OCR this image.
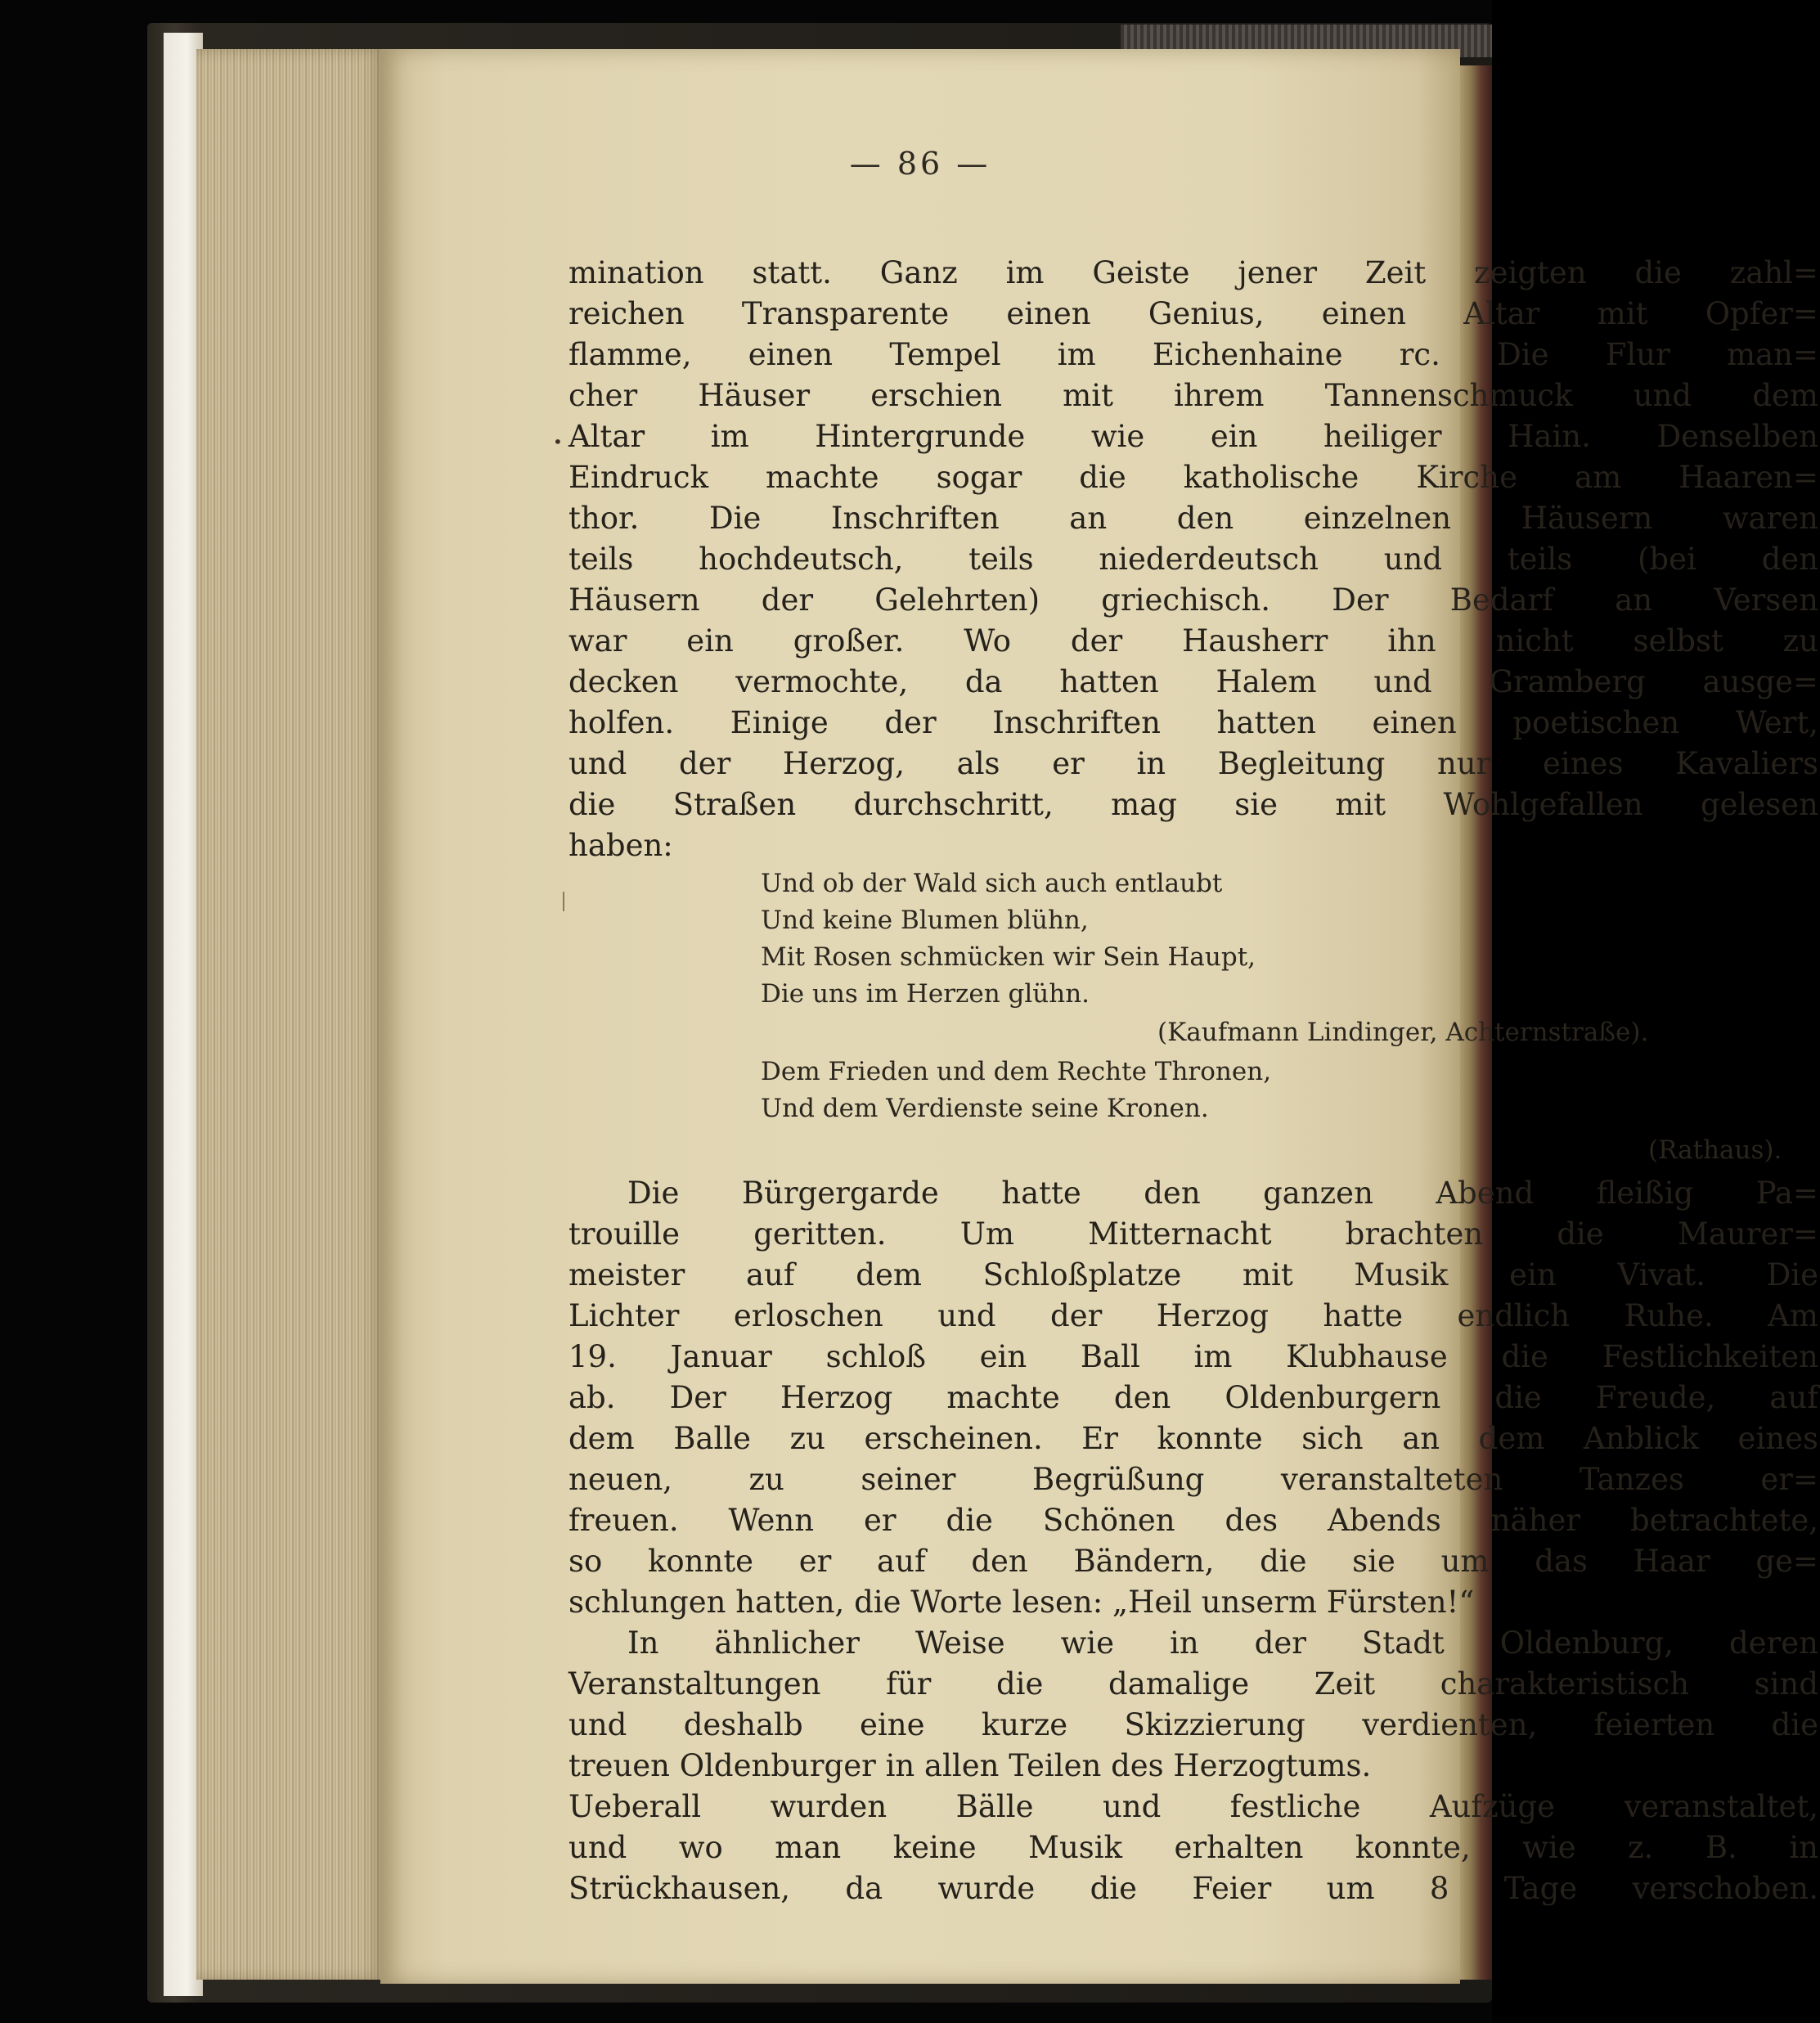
— 86 —
mination statt. Ganz im Geiste jener Zeit zeigten die zahl=
reichen Transparente einen Genius, einen Altar mit Opfer=
flamme, einen Tempel im Eichenhaine rc. Die Flur man=
cher Häuser erschien mit ihrem Tannenschmuck und dem
Altar im Hintergrunde wie ein heiliger Hain. Denselben
Eindruck machte sogar die katholische Kirche am Haaren=
thor. Die Inschriften an den einzelnen Häusern waren
teils hochdeutsch, teils niederdeutsch und teils (bei den
Häusern der Gelehrten) griechisch. Der Bedarf an Versen
war ein großer. Wo der Hausherr ihn nicht selbst zu
decken vermochte, da hatten Halem und Gramberg ausge=
holfen. Einige der Inschriften hatten einen poetischen Wert,
und der Herzog, als er in Begleitung nur eines Kavaliers
die Straßen durchschritt, mag sie mit Wohlgefallen gelesen
haben:
Und ob der Wald sich auch entlaubt
Und keine Blumen blühn,
Mit Rosen schmücken wir Sein Haupt,
Die uns im Herzen glühn.
(Kaufmann Lindinger, Achternstraße).
Dem Frieden und dem Rechte Thronen,
Und dem Verdienste seine Kronen.
(Rathaus).
Die Bürgergarde hatte den ganzen Abend fleißig Pa=
trouille geritten. Um Mitternacht brachten die Maurer=
meister auf dem Schloßplatze mit Musik ein Vivat. Die
Lichter erloschen und der Herzog hatte endlich Ruhe. Am
19. Januar schloß ein Ball im Klubhause die Festlichkeiten
ab. Der Herzog machte den Oldenburgern die Freude, auf
dem Balle zu erscheinen. Er konnte sich an dem Anblick eines
neuen, zu seiner Begrüßung veranstalteten Tanzes er=
freuen. Wenn er die Schönen des Abends näher betrachtete,
so konnte er auf den Bändern, die sie um das Haar ge=
schlungen hatten, die Worte lesen: „Heil unserm Fürsten!“
In ähnlicher Weise wie in der Stadt Oldenburg, deren
Veranstaltungen für die damalige Zeit charakteristisch sind
und deshalb eine kurze Skizzierung verdienten, feierten die
treuen Oldenburger in allen Teilen des Herzogtums.
Ueberall wurden Bälle und festliche Aufzüge veranstaltet,
und wo man keine Musik erhalten konnte, wie z. B. in
Strückhausen, da wurde die Feier um 8 Tage verschoben.
•
